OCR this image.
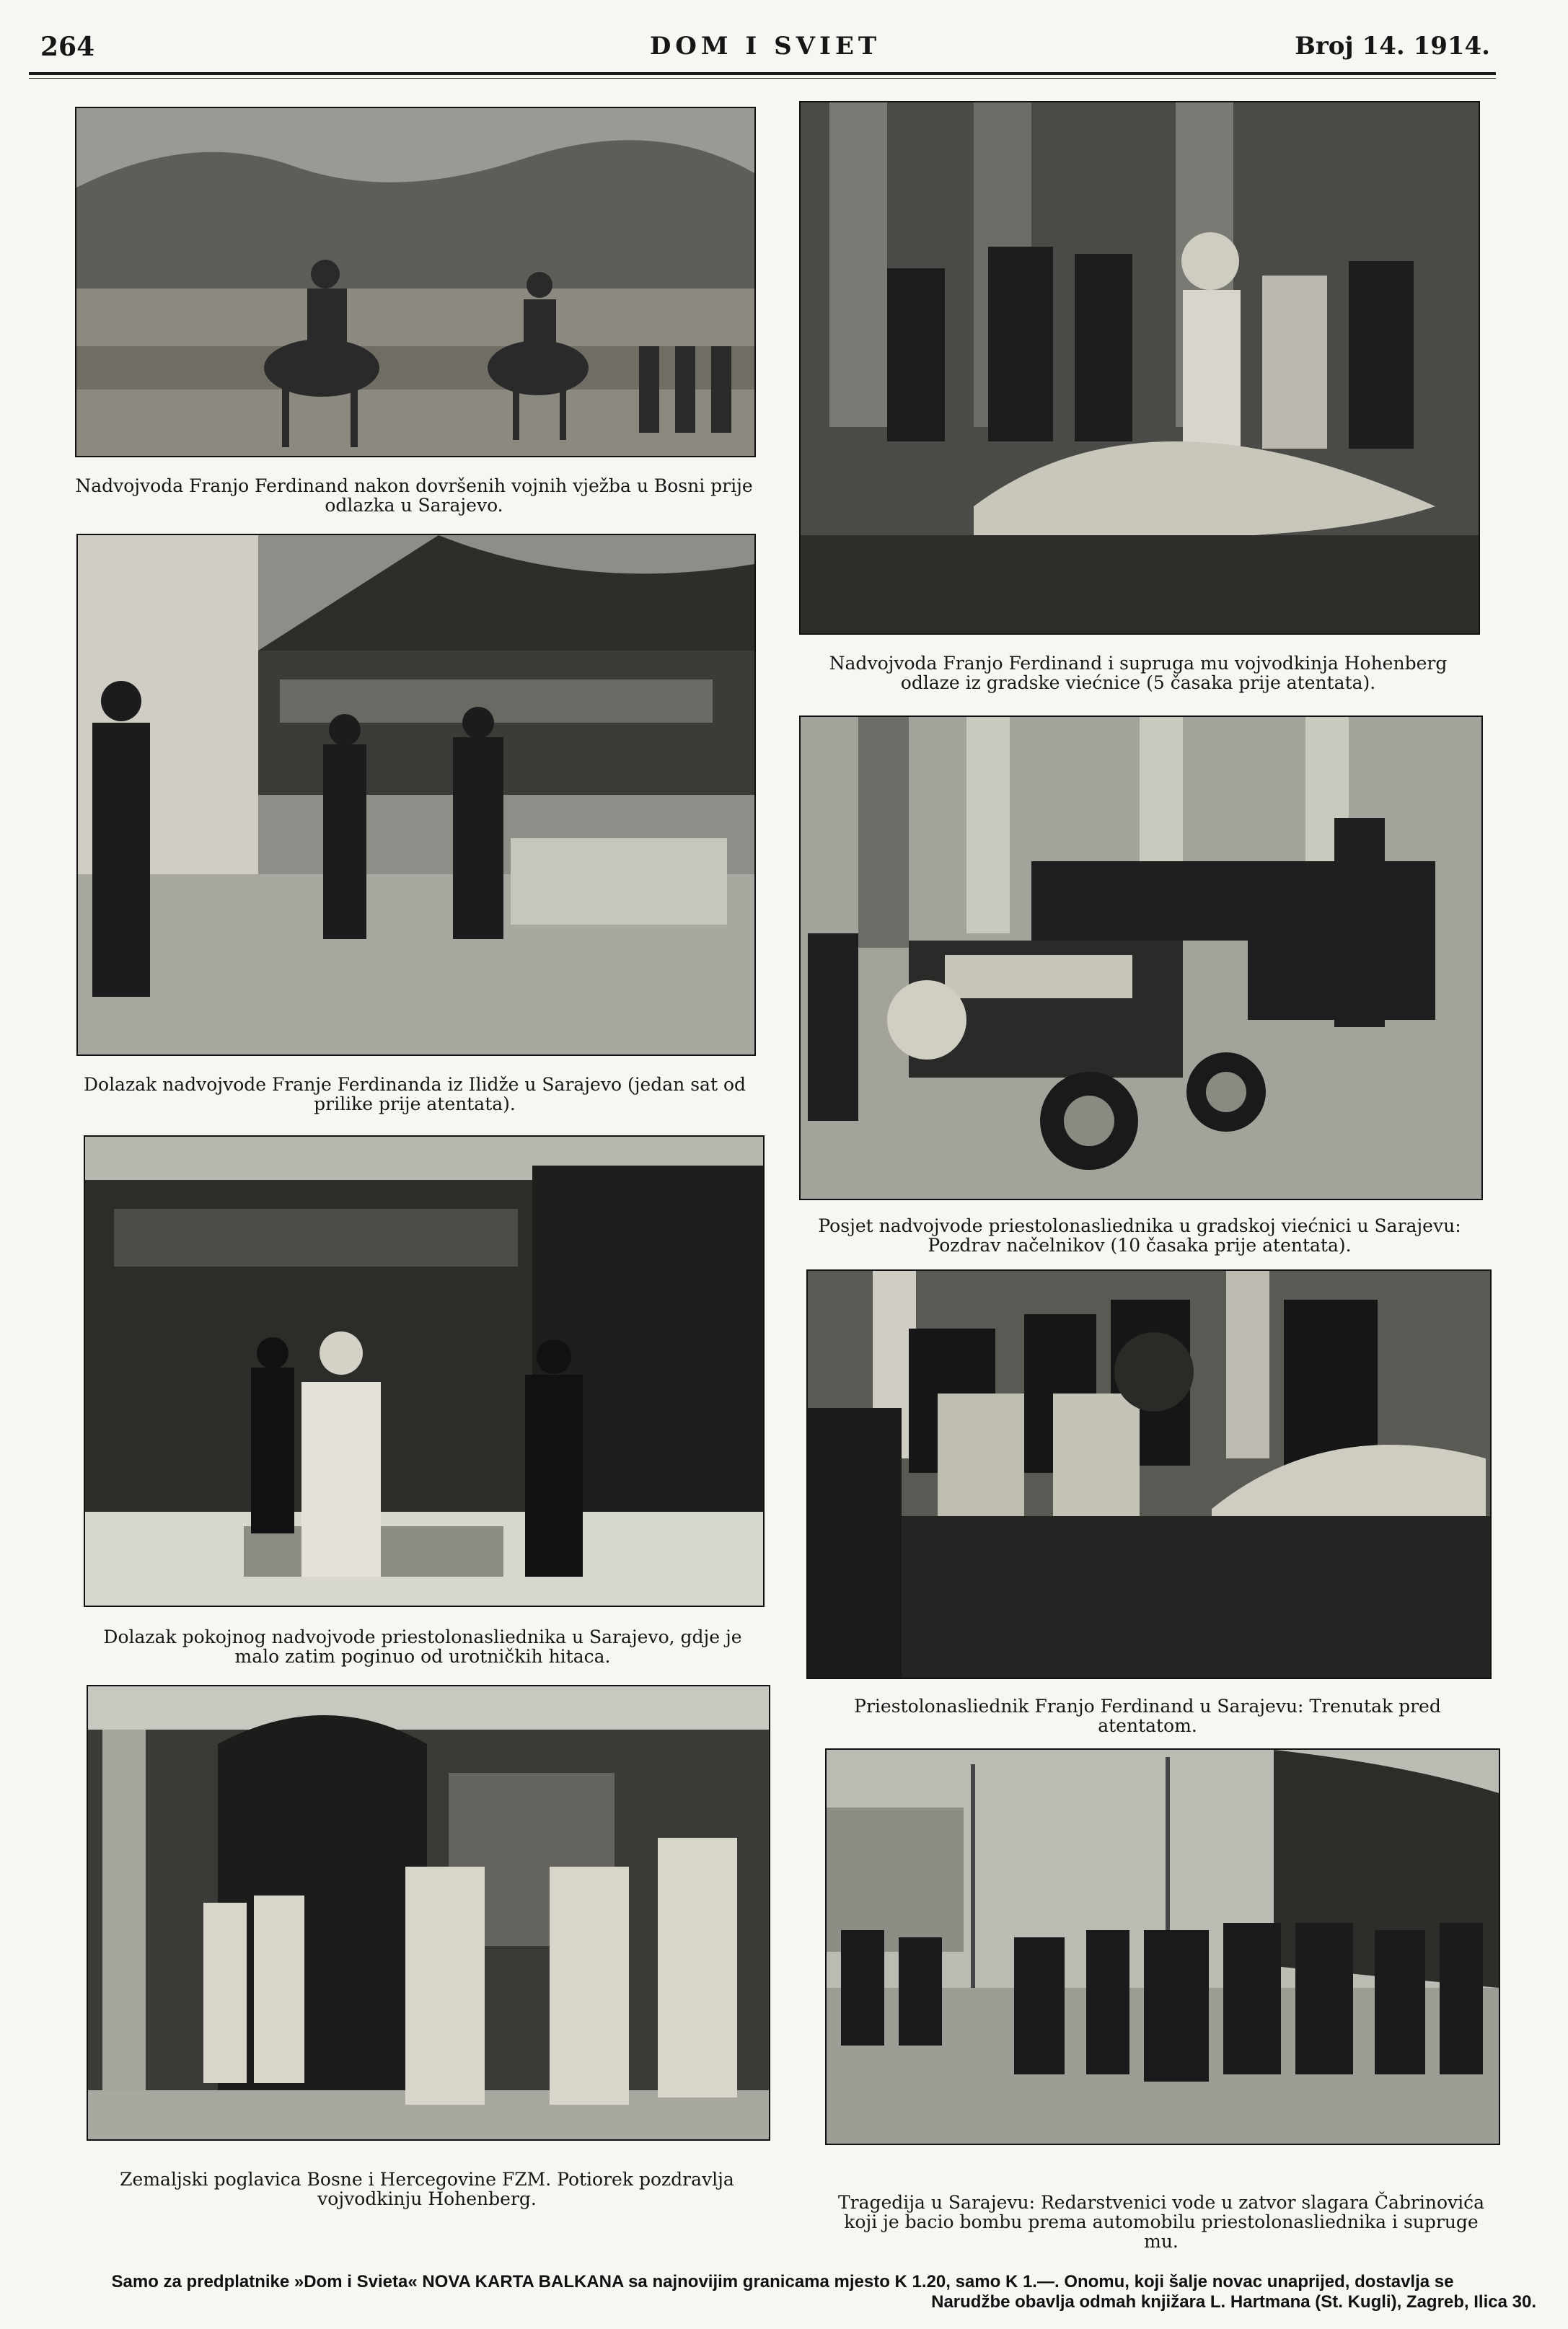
264	DOM I SVIET	Broj 14. 1914.
Nadvojvoda Franjo Ferdinand nakon dovršenih vojnih vježba u Bosni prije odlazka u Sarajevo.
Nadvojvoda Franjo Ferdinand i supruga mu vojvodkinja Hohenberg odlaze iz gradske viećnice (5 časaka prije atentata).
Dolazak nadvojvode Franje Ferdinanda iz Ilidže u Sarajevo (jedan sat od prilike prije atentata).
Posjet nadvojvode priestolonasliednika u gradskoj viećnici u Sarajevu: Pozdrav načelnikov (10 časaka prije atentata).
Dolazak pokojnog nadvojvode priestolonasliednika u Sarajevo, gdje je malo zatim poginuo od urotničkih hitaca.
Priestolonasliednik Franjo Ferdinand u Sarajevu: Trenutak pred atentatom.
Zemaljski poglavica Bosne i Hercegovine FZM. Potiorek pozdravlja vojvodkinju Hohenberg.	Tragedija u Sarajevu: Redarstvenici vode u zatvor slagara Čabrinovića koji je bacio bombu prema automobilu priestolonasliednika i supruge mu.
Samo za predplatnike »Dom i Svieta« NOVA KARTA BALKANA sa najnovijim granicama mjesto K 1.20, samo K 1.—. Onomu, koji šalje novac unaprijed, dostavlja se
Narudžbe obavlja odmah knjižara L. Hartmana (St. Kugli), Zagreb, Ilica 30.
